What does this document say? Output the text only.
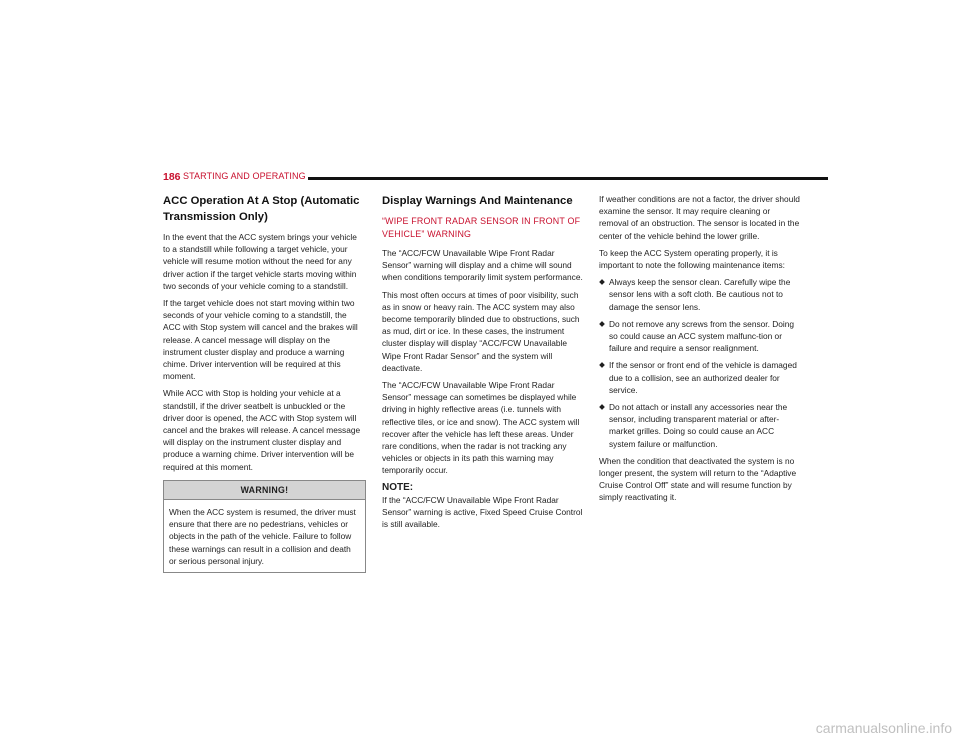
186 STARTING AND OPERATING
ACC Operation At A Stop (Automatic Transmission Only)

In the event that the ACC system brings your vehicle to a standstill while following a target vehicle, your vehicle will resume motion without the need for any driver action if the target vehicle starts moving within two seconds of your vehicle coming to a standstill.

If the target vehicle does not start moving within two seconds of your vehicle coming to a standstill, the ACC with Stop system will cancel and the brakes will release. A cancel message will display on the instrument cluster display and produce a warning chime. Driver intervention will be required at this moment.

While ACC with Stop is holding your vehicle at a standstill, if the driver seatbelt is unbuckled or the driver door is opened, the ACC with Stop system will cancel and the brakes will release. A cancel message will display on the instrument cluster display and produce a warning chime. Driver intervention will be required at this moment.

WARNING!
When the ACC system is resumed, the driver must ensure that there are no pedestrians, vehicles or objects in the path of the vehicle. Failure to follow these warnings can result in a collision and death or serious personal injury.
Display Warnings And Maintenance
“WIPE FRONT RADAR SENSOR IN FRONT OF VEHICLE” WARNING

The “ACC/FCW Unavailable Wipe Front Radar Sensor” warning will display and a chime will sound when conditions temporarily limit system performance.

This most often occurs at times of poor visibility, such as in snow or heavy rain. The ACC system may also become temporarily blinded due to obstructions, such as mud, dirt or ice. In these cases, the instrument cluster display will display “ACC/FCW Unavailable Wipe Front Radar Sensor” and the system will deactivate.

The “ACC/FCW Unavailable Wipe Front Radar Sensor” message can sometimes be displayed while driving in highly reflective areas (i.e. tunnels with reflective tiles, or ice and snow). The ACC system will recover after the vehicle has left these areas. Under rare conditions, when the radar is not tracking any vehicles or objects in its path this warning may temporarily occur.

NOTE:

If the “ACC/FCW Unavailable Wipe Front Radar Sensor” warning is active, Fixed Speed Cruise Control is still available.

If weather conditions are not a factor, the driver should examine the sensor. It may require cleaning or removal of an obstruction. The sensor is located in the center of the vehicle behind the lower grille.

To keep the ACC System operating properly, it is important to note the following maintenance items:

Always keep the sensor clean. Carefully wipe the sensor lens with a soft cloth. Be cautious not to damage the sensor lens.
Do not remove any screws from the sensor. Doing so could cause an ACC system malfunc-tion or failure and require a sensor realignment.
If the sensor or front end of the vehicle is damaged due to a collision, see an authorized dealer for service.
Do not attach or install any accessories near the sensor, including transparent material or after-market grilles. Doing so could cause an ACC system failure or malfunction.

When the condition that deactivated the system is no longer present, the system will return to the “Adaptive Cruise Control Off” state and will resume function by simply reactivating it.

carmanualsonline.info
